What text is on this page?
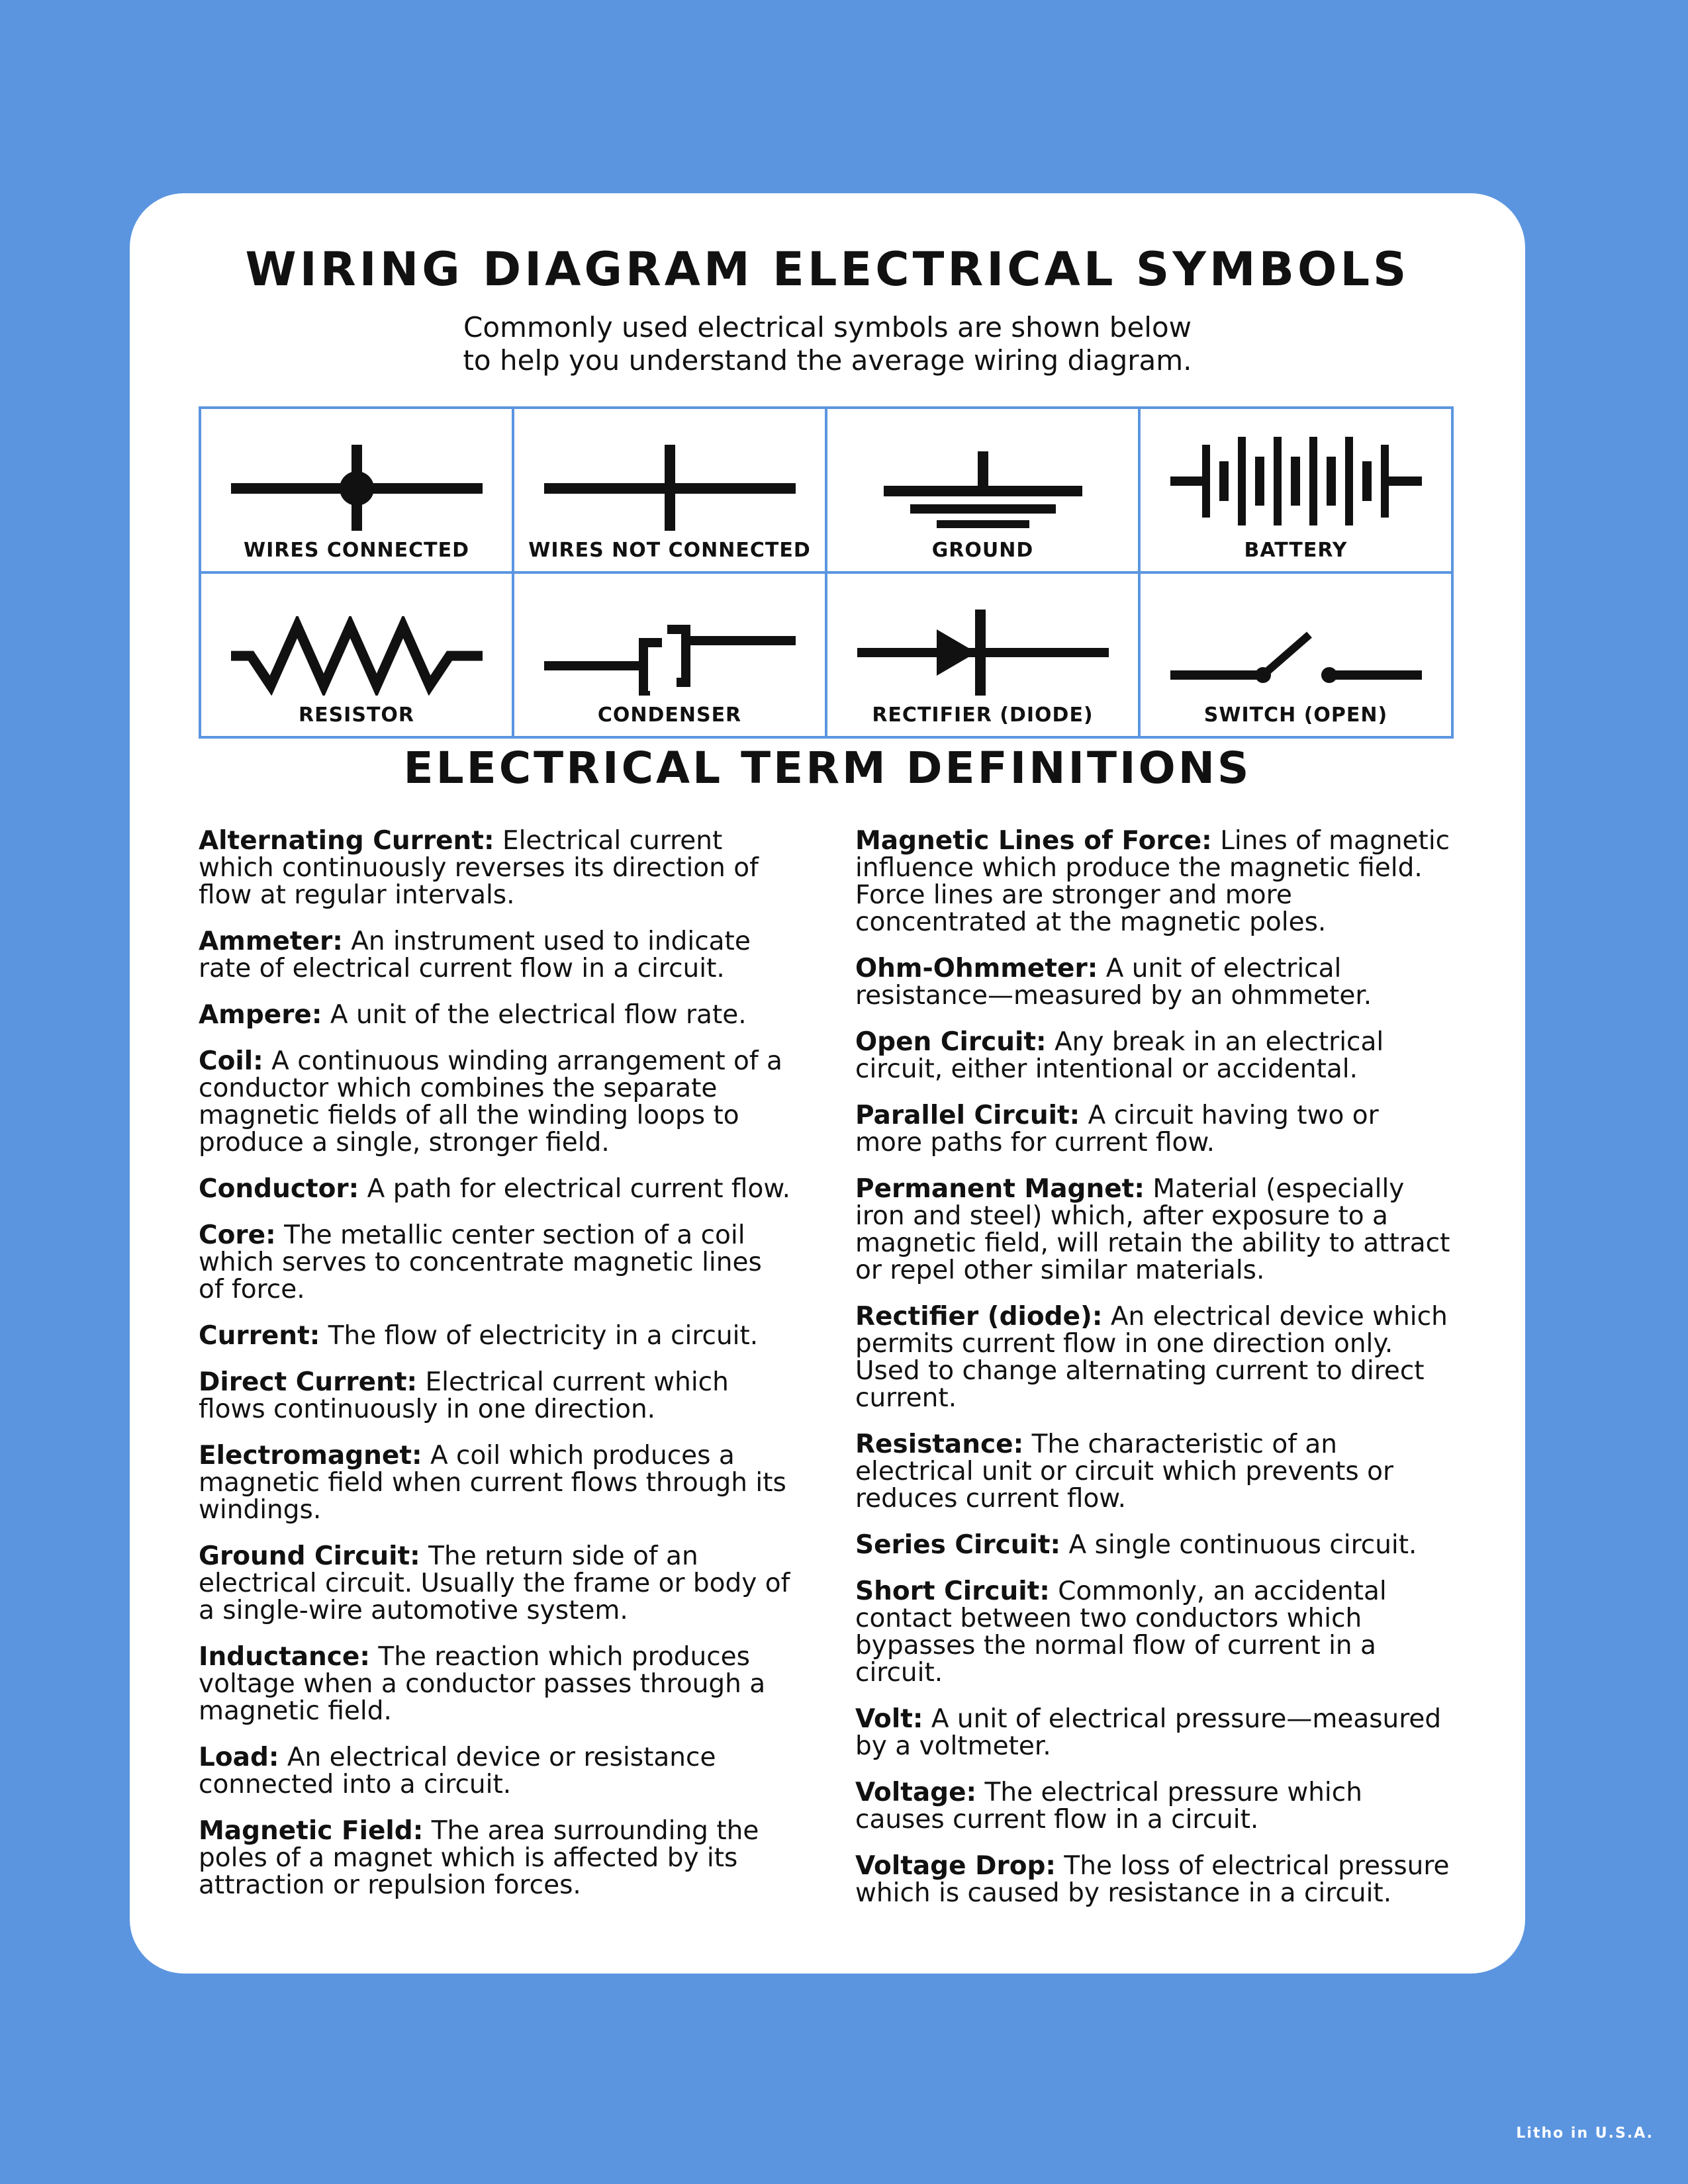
WIRING DIAGRAM ELECTRICAL SYMBOLS
Commonly used electrical symbols are shown below
to help you understand the average wiring diagram.
WIRES CONNECTED	WIRES NOT CONNECTED	GROUND	BATTERY

RESISTOR	CONDENSER	RECTIFIER (DIODE)	SWITCH (OPEN)
ELECTRICAL TERM DEFINITIONS
Alternating Current: Electrical current which continuously reverses its direction of flow at regular intervals.
Ammeter: An instrument used to indicate rate of electrical current flow in a circuit.
Ampere: A unit of the electrical flow rate.
Coil: A continuous winding arrangement of a conductor which combines the separate magnetic fields of all the winding loops to produce a single, stronger field.
Conductor: A path for electrical current flow.
Core: The metallic center section of a coil which serves to concentrate magnetic lines of force.
Current: The flow of electricity in a circuit.
Direct Current: Electrical current which flows continuously in one direction.
Electromagnet: A coil which produces a magnetic field when current flows through its windings.
Ground Circuit: The return side of an electrical circuit. Usually the frame or body of a single-wire automotive system.
Inductance: The reaction which produces voltage when a conductor passes through a magnetic field.
Load: An electrical device or resistance connected into a circuit.
Magnetic Field: The area surrounding the poles of a magnet which is affected by its attraction or repulsion forces.
Magnetic Lines of Force: Lines of magnetic influence which produce the magnetic field. Force lines are stronger and more concentrated at the magnetic poles.
Ohm-Ohmmeter: A unit of electrical resistance—measured by an ohmmeter.
Open Circuit: Any break in an electrical circuit, either intentional or accidental.
Parallel Circuit: A circuit having two or more paths for current flow.
Permanent Magnet: Material (especially iron and steel) which, after exposure to a magnetic field, will retain the ability to attract or repel other similar materials.
Rectifier (diode): An electrical device which permits current flow in one direction only. Used to change alternating current to direct current.
Resistance: The characteristic of an electrical unit or circuit which prevents or reduces current flow.
Series Circuit: A single continuous circuit.
Short Circuit: Commonly, an accidental contact between two conductors which bypasses the normal flow of current in a circuit.
Volt: A unit of electrical pressure—measured by a voltmeter.
Voltage: The electrical pressure which causes current flow in a circuit.
Voltage Drop: The loss of electrical pressure which is caused by resistance in a circuit.
Litho in U.S.A.
